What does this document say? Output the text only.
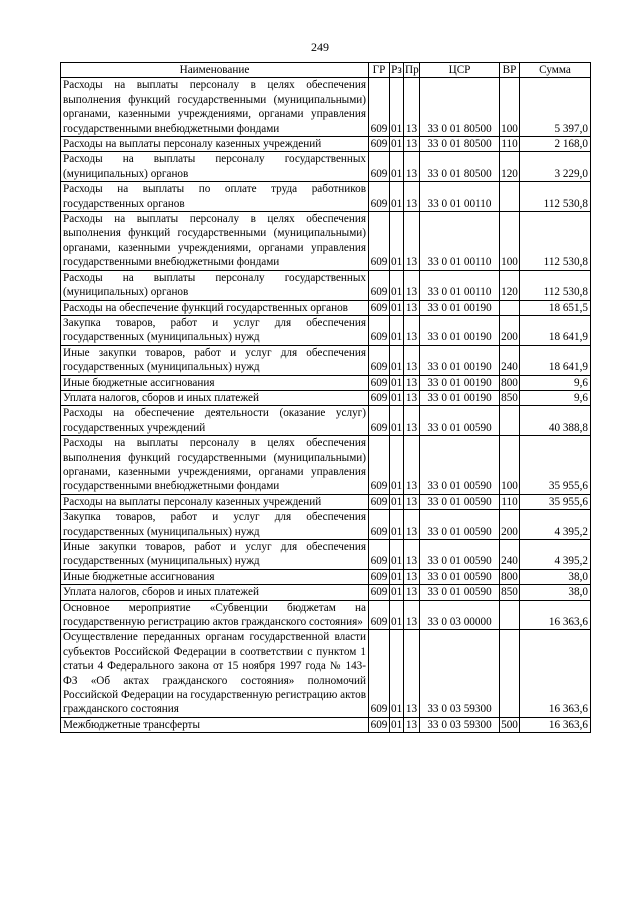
249
Наименование	ГР	Рз	Пр	ЦСР	ВР	Сумма
Расходы на выплаты персоналу в целях обеспечения выполнения функций государственными (муниципальными) органами, казенными учреждениями, органами управления государственными внебюджетными фондами	609	01	13	33 0 01 80500	100	5 397,0
Расходы на выплаты персоналу казенных учреждений	609	01	13	33 0 01 80500	110	2 168,0
Расходы на выплаты персоналу государственных (муниципальных) органов	609	01	13	33 0 01 80500	120	3 229,0
Расходы на выплаты по оплате труда работников государственных органов	609	01	13	33 0 01 00110		112 530,8
Расходы на выплаты персоналу в целях обеспечения выполнения функций государственными (муниципальными) органами, казенными учреждениями, органами управления государственными внебюджетными фондами	609	01	13	33 0 01 00110	100	112 530,8
Расходы на выплаты персоналу государственных (муниципальных) органов	609	01	13	33 0 01 00110	120	112 530,8
Расходы на обеспечение функций государственных органов	609	01	13	33 0 01 00190		18 651,5
Закупка товаров, работ и услуг для обеспечения государственных (муниципальных) нужд	609	01	13	33 0 01 00190	200	18 641,9
Иные закупки товаров, работ и услуг для обеспечения государственных (муниципальных) нужд	609	01	13	33 0 01 00190	240	18 641,9
Иные бюджетные ассигнования	609	01	13	33 0 01 00190	800	9,6
Уплата налогов, сборов и иных платежей	609	01	13	33 0 01 00190	850	9,6
Расходы на обеспечение деятельности (оказание услуг) государственных учреждений	609	01	13	33 0 01 00590		40 388,8
Расходы на выплаты персоналу в целях обеспечения выполнения функций государственными (муниципальными) органами, казенными учреждениями, органами управления государственными внебюджетными фондами	609	01	13	33 0 01 00590	100	35 955,6
Расходы на выплаты персоналу казенных учреждений	609	01	13	33 0 01 00590	110	35 955,6
Закупка товаров, работ и услуг для обеспечения государственных (муниципальных) нужд	609	01	13	33 0 01 00590	200	4 395,2
Иные закупки товаров, работ и услуг для обеспечения государственных (муниципальных) нужд	609	01	13	33 0 01 00590	240	4 395,2
Иные бюджетные ассигнования	609	01	13	33 0 01 00590	800	38,0
Уплата налогов, сборов и иных платежей	609	01	13	33 0 01 00590	850	38,0
Основное мероприятие «Субвенции бюджетам на государственную регистрацию актов гражданского состояния»	609	01	13	33 0 03 00000		16 363,6
Осуществление переданных органам государственной власти субъектов Российской Федерации в соответствии с пунктом 1 статьи 4 Федерального закона от 15 ноября 1997 года № 143-ФЗ «Об актах гражданского состояния» полномочий Российской Федерации на государственную регистрацию актов гражданского состояния	609	01	13	33 0 03 59300		16 363,6
Межбюджетные трансферты	609	01	13	33 0 03 59300	500	16 363,6
